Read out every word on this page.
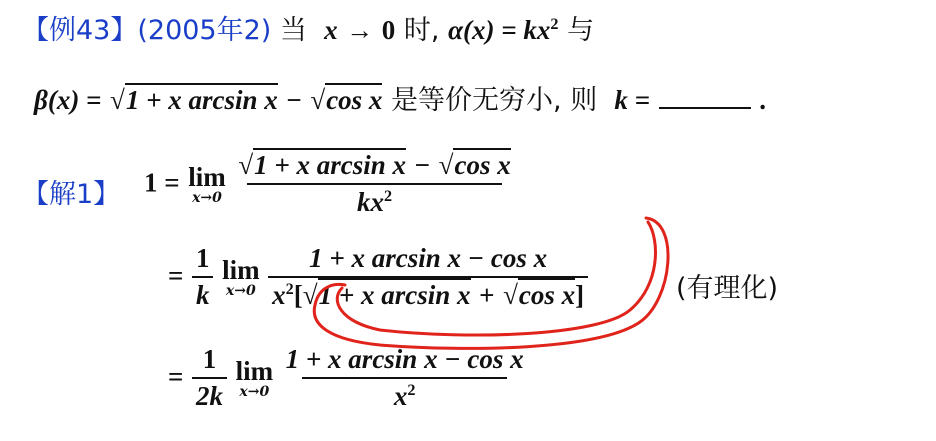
【例43】(2005年2) 当 x → 0 时, $\alpha(x) = kx^2$ 与
β(x) = √1 + x arcsin x − √cos x 是等价无穷小, 则 k =	.
【解1】 1 = lim
x→0
$\frac{\text{√1 + x arcsin x − √cos x}}{kx^2}$
= $\frac{1}{k}$
lim
x→0
$\frac{\text{1 + x arcsin x − cos x}}{x^2[√1 + x \arcsin x + √\cos x]}$	(有理化)
= $\frac{1}{2k}$
lim
x→0
$\frac{\text{1 + x arcsin x − cos x}}{x^2}$
